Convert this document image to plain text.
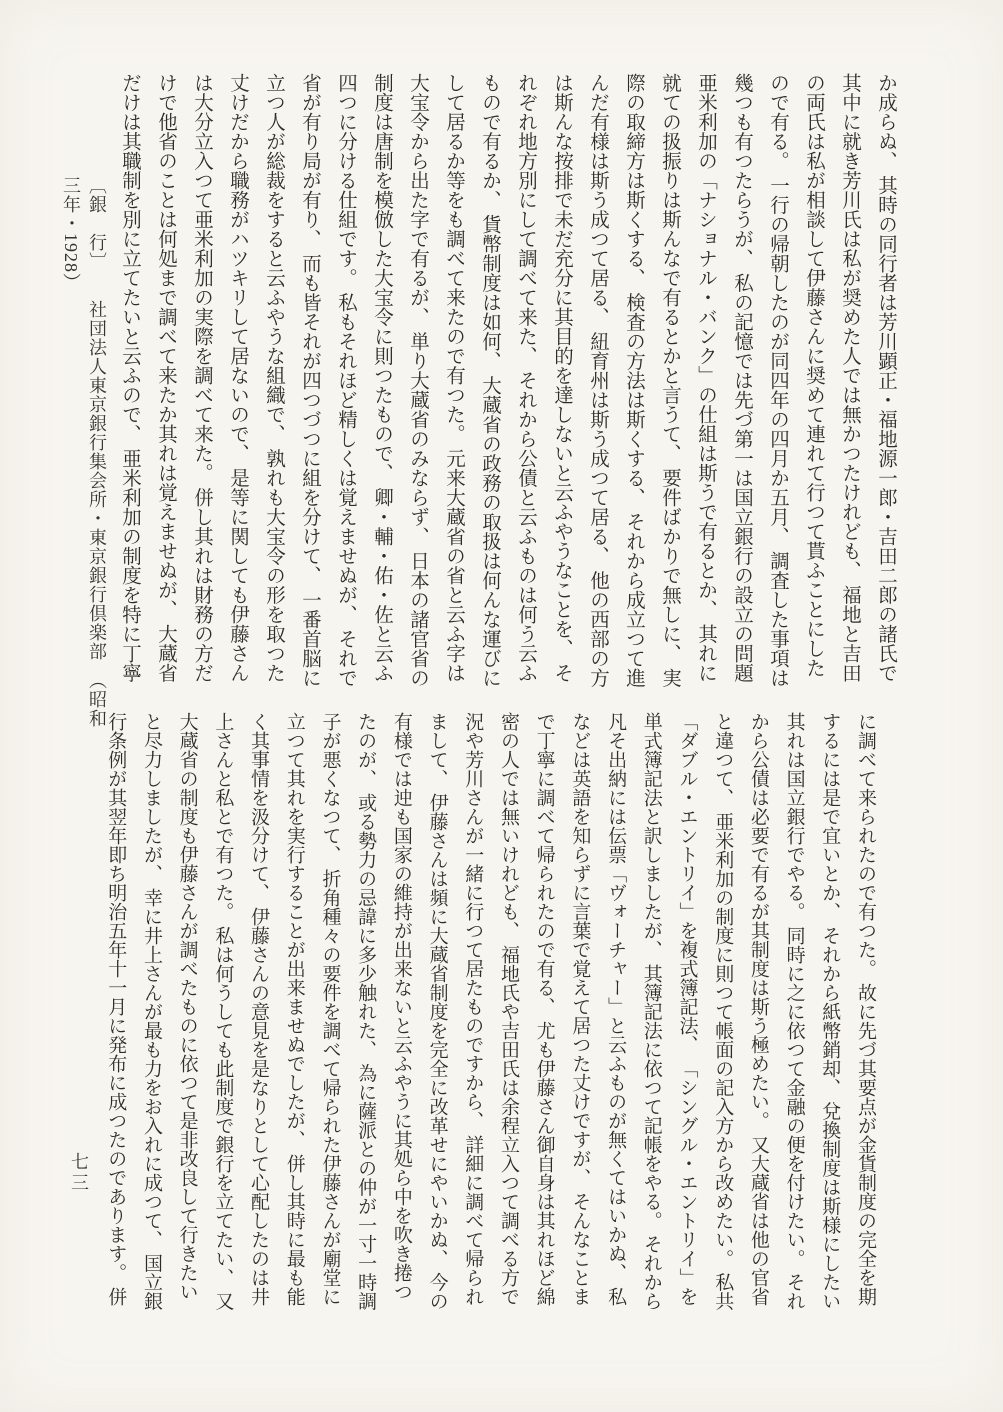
か成らぬ、 其時の同行者は芳川顕正・福地源一郎・吉田二郎の諸氏で
其中に就き芳川氏は私が奨めた人では無かつたけれども、 福地と吉田
の両氏は私が相談して伊藤さんに奨めて連れて行つて貰ふことにした
ので有る。 一行の帰朝したのが同四年の四月か五月、 調査した事項は
幾つも有つたらうが、 私の記憶では先づ第一は国立銀行の設立の問題
亜米利加の「ナショナル・バンク」の仕組は斯うで有るとか、 其れに
就ての扱振りは斯んなで有るとかと言うて、 要件ばかりで無しに、 実
際の取締方は斯くする、 検査の方法は斯くする、 それから成立つて進
んだ有様は斯う成つて居る、 紐育州は斯う成つて居る、 他の西部の方
は斯んな按排で未だ充分に其目的を達しないと云ふやうなことを、 そ
れぞれ地方別にして調べて来た、 それから公債と云ふものは何う云ふ
もので有るか、 貨幣制度は如何、 大蔵省の政務の取扱は何んな運びに
して居るか等をも調べて来たので有つた。 元来大蔵省の省と云ふ字は
大宝令から出た字で有るが、 単り大蔵省のみならず、 日本の諸官省の
制度は唐制を模倣した大宝令に則つたもので、 卿・輔・佑・佐と云ふ
四つに分ける仕組です。 私もそれほど精しくは覚えませぬが、 それで
省が有り局が有り、 而も皆それが四つづつに組を分けて、 一番首脳に
立つ人が総裁をすると云ふやうな組織で、 孰れも大宝令の形を取つた
丈けだから職務がハツキリして居ないので、 是等に関しても伊藤さん
は大分立入つて亜米利加の実際を調べて来た。 併し其れは財務の方だ
けで他省のことは何処まで調べて来たか其れは覚えませぬが、 大蔵省
だけは其職制を別に立てたいと云ふので、 亜米利加の制度を特に丁寧
〔銀　行〕　　社団法人東京銀行集会所・東京銀行倶楽部　（昭和三年・1928）
に調べて来られたので有つた。 故に先づ其要点が金貨制度の完全を期
するには是で宜いとか、 それから紙幣銷却、 兌換制度は斯様にしたい
其れは国立銀行でやる。 同時に之に依つて金融の便を付けたい。 それ
から公債は必要で有るが其制度は斯う極めたい。 又大蔵省は他の官省
と違つて、 亜米利加の制度に則つて帳面の記入方から改めたい。 私共
「ダブル・エントリイ」を複式簿記法、 「シングル・エントリイ」を
単式簿記法と訳しましたが、 其簿記法に依つて記帳をやる。 それから
凡そ出納には伝票「ヴォーチャー」と云ふものが無くてはいかぬ、 私
などは英語を知らずに言葉で覚えて居つた丈けですが、 そんなことま
で丁寧に調べて帰られたので有る、 尤も伊藤さん御自身は其れほど綿
密の人では無いけれども、 福地氏や吉田氏は余程立入つて調べる方で
況や芳川さんが一緒に行つて居たものですから、 詳細に調べて帰られ
まして、 伊藤さんは頻に大蔵省制度を完全に改革せにやいかぬ、 今の
有様では迚も国家の維持が出来ないと云ふやうに其処ら中を吹き捲つ
たのが、 或る勢力の忌諱に多少触れた、 為に薩派との仲が一寸一時調
子が悪くなつて、 折角種々の要件を調べて帰られた伊藤さんが廟堂に
立つて其れを実行することが出来ませぬでしたが、 併し其時に最も能
く其事情を汲分けて、 伊藤さんの意見を是なりとして心配したのは井
上さんと私とで有つた。 私は何うしても此制度で銀行を立てたい、 又
大蔵省の制度も伊藤さんが調べたものに依つて是非改良して行きたい
と尽力しましたが、 幸に井上さんが最も力をお入れに成つて、 国立銀
行条例が其翌年即ち明治五年十一月に発布に成つたのであります。 併
七三
